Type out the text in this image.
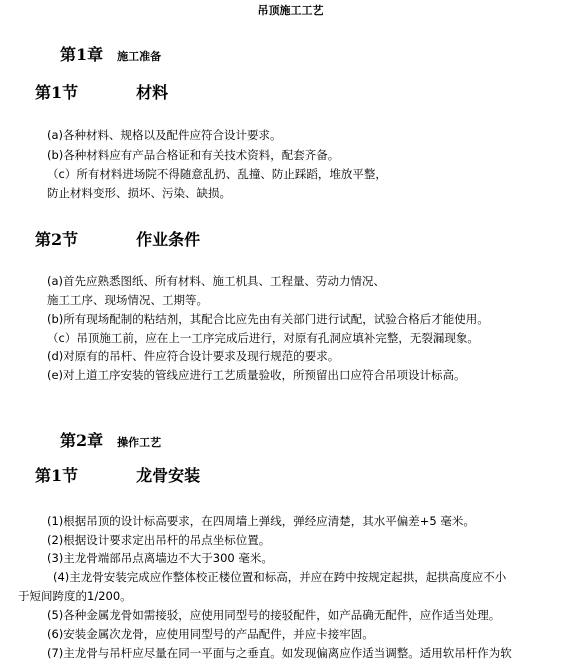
吊顶施工工艺
第1章 施工准备
第1节	材料
(a)各种材料、规格以及配件应符合设计要求。
(b)各种材料应有产品合格证和有关技术资料，配套齐备。
（c）所有材料进场院不得随意乱扔、乱撞、防止踩蹈，堆放平整，
防止材料变形、损坏、污染、缺损。
第2节	作业条件
(a)首先应熟悉图纸、所有材料、施工机具、工程量、劳动力情况、
施工工序、现场情况、工期等。
(b)所有现场配制的粘结剂，其配合比应先由有关部门进行试配，试验合格后才能使用。
（c）吊顶施工前，应在上一工序完成后进行，对原有孔洞应填补完整，无裂漏现象。
(d)对原有的吊杆、件应符合设计要求及现行规范的要求。
(e)对上道工序安装的管线应进行工艺质量验收，所预留出口应符合吊项设计标高。
第2章 操作工艺
第1节	龙骨安装
(1)根据吊顶的设计标高要求，在四周墙上弹线，弹经应清楚，其水平偏差+5 毫米。
(2)根据设计要求定出吊杆的吊点坐标位置。
(3)主龙骨端部吊点离墙边不大于300 毫米。
(4)主龙骨安装完成应作整体校正楼位置和标高，并应在跨中按规定起拱，起拱高度应不小
于短间跨度的1/200。
(5)各种金属龙骨如需接驳，应使用同型号的接驳配件，如产品确无配件，应作适当处理。
(6)安装金属次龙骨，应使用同型号的产品配件，并应卡接牢固。
(7)主龙骨与吊杆应尽量在同一平面与之垂直。如发现偏离应作适当调整。适用软吊杆作为软
